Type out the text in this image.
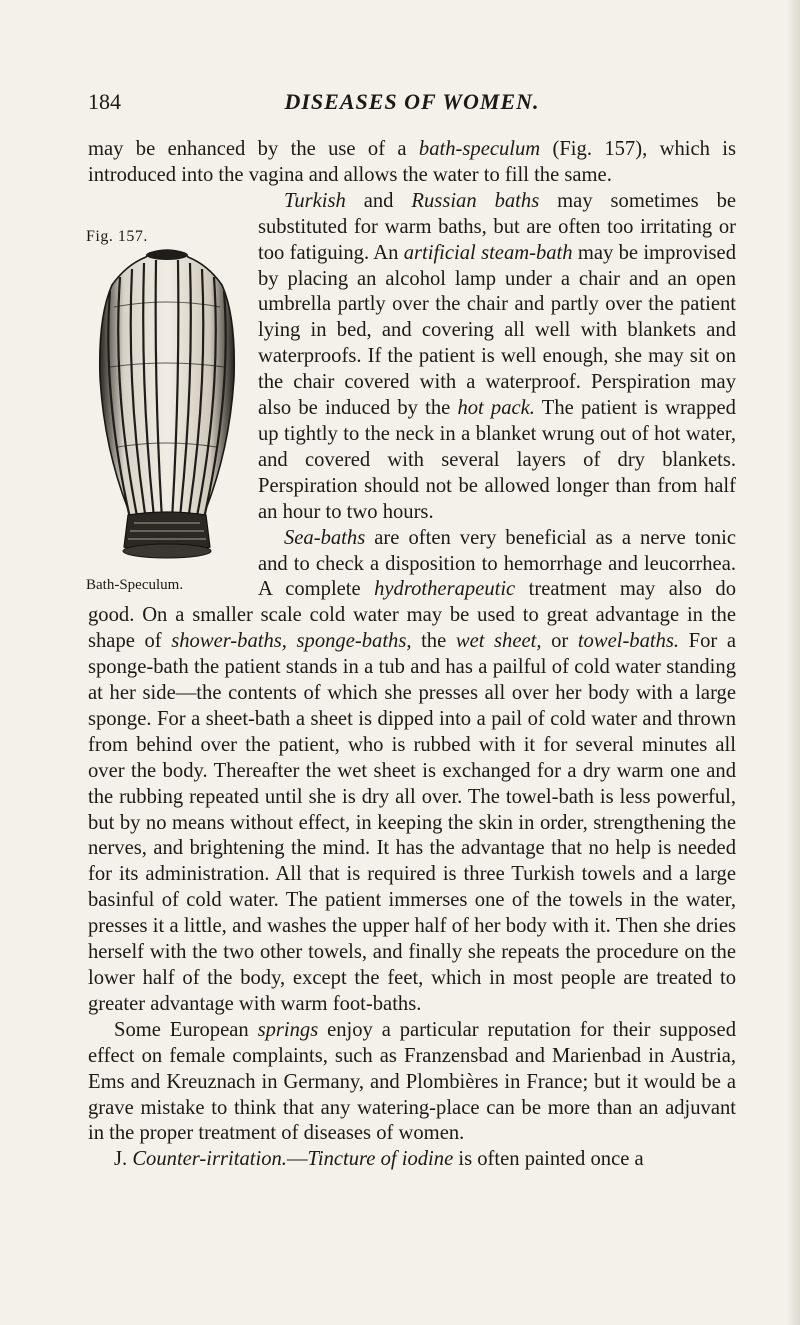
184	DISEASES OF WOMEN.

may be enhanced by the use of a bath-speculum (Fig. 157), which is introduced into the vagina and allows the water to fill the same.

Fig. 157.
Bath-Speculum.

Turkish and Russian baths may sometimes be substituted for warm baths, but are often too irritating or too fatiguing. An artificial steam-bath may be improvised by placing an alcohol lamp under a chair and an open umbrella partly over the chair and partly over the patient lying in bed, and covering all well with blankets and waterproofs. If the patient is well enough, she may sit on the chair covered with a waterproof. Perspiration may also be induced by the hot pack. The patient is wrapped up tightly to the neck in a blanket wrung out of hot water, and covered with several layers of dry blankets. Perspiration should not be allowed longer than from half an hour to two hours.

Sea-baths are often very beneficial as a nerve tonic and to check a disposition to hemorrhage and leucorrhea. A complete hydrotherapeutic treatment may also do good. On a smaller scale cold water may be used to great advantage in the shape of shower-baths, sponge-baths, the wet sheet, or towel-baths. For a sponge-bath the patient stands in a tub and has a pailful of cold water standing at her side—the contents of which she presses all over her body with a large sponge. For a sheet-bath a sheet is dipped into a pail of cold water and thrown from behind over the patient, who is rubbed with it for several minutes all over the body. Thereafter the wet sheet is exchanged for a dry warm one and the rubbing repeated until she is dry all over. The towel-bath is less powerful, but by no means without effect, in keeping the skin in order, strengthening the nerves, and brightening the mind. It has the advantage that no help is needed for its administration. All that is required is three Turkish towels and a large basinful of cold water. The patient immerses one of the towels in the water, presses it a little, and washes the upper half of her body with it. Then she dries herself with the two other towels, and finally she repeats the procedure on the lower half of the body, except the feet, which in most people are treated to greater advantage with warm foot-baths.

Some European springs enjoy a particular reputation for their supposed effect on female complaints, such as Franzensbad and Marienbad in Austria, Ems and Kreuznach in Germany, and Plombières in France; but it would be a grave mistake to think that any watering-place can be more than an adjuvant in the proper treatment of diseases of women.

J. Counter-irritation.—Tincture of iodine is often painted once a
